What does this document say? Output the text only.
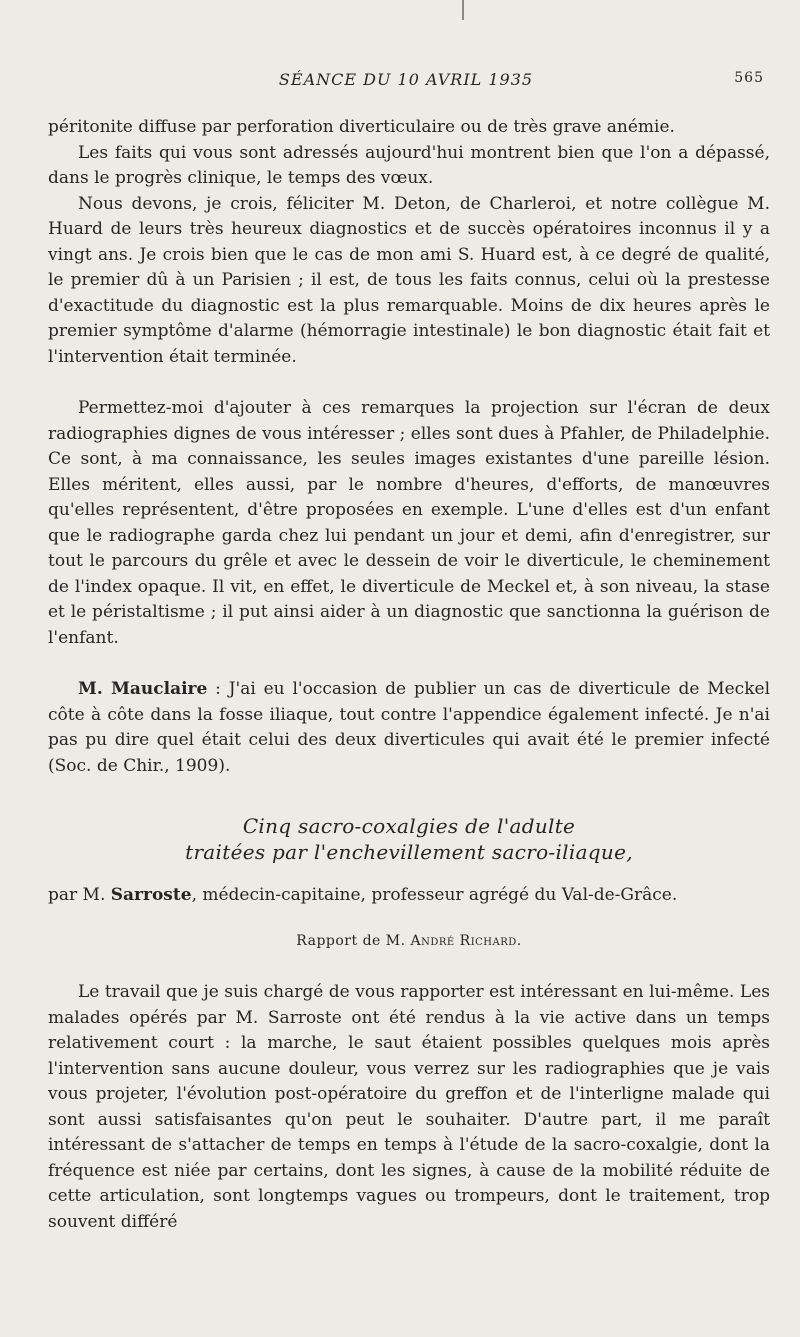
SÉANCE DU 10 AVRIL 1935	565

péritonite diffuse par perforation diverticulaire ou de très grave anémie.

Les faits qui vous sont adressés aujourd'hui montrent bien que l'on a dépassé, dans le progrès clinique, le temps des vœux.

Nous devons, je crois, féliciter M. Deton, de Charleroi, et notre collègue M. Huard de leurs très heureux diagnostics et de succès opératoires inconnus il y a vingt ans. Je crois bien que le cas de mon ami S. Huard est, à ce degré de qualité, le premier dû à un Parisien ; il est, de tous les faits connus, celui où la prestesse d'exactitude du diagnostic est la plus remarquable. Moins de dix heures après le premier symptôme d'alarme (hémorragie intestinale) le bon diagnostic était fait et l'intervention était terminée.

Permettez-moi d'ajouter à ces remarques la projection sur l'écran de deux radiographies dignes de vous intéresser ; elles sont dues à Pfahler, de Philadelphie. Ce sont, à ma connaissance, les seules images existantes d'une pareille lésion. Elles méritent, elles aussi, par le nombre d'heures, d'efforts, de manœuvres qu'elles représentent, d'être proposées en exemple. L'une d'elles est d'un enfant que le radiographe garda chez lui pendant un jour et demi, afin d'enregistrer, sur tout le parcours du grêle et avec le dessein de voir le diverticule, le cheminement de l'index opaque. Il vit, en effet, le diverticule de Meckel et, à son niveau, la stase et le péristaltisme ; il put ainsi aider à un diagnostic que sanctionna la guérison de l'enfant.

M. Mauclaire : J'ai eu l'occasion de publier un cas de diverticule de Meckel côte à côte dans la fosse iliaque, tout contre l'appendice également infecté. Je n'ai pas pu dire quel était celui des deux diverticules qui avait été le premier infecté (Soc. de Chir., 1909).

Cinq sacro-coxalgies de l'adulte
traitées par l'enchevillement sacro-iliaque,

par M. Sarroste, médecin-capitaine, professeur agrégé du Val-de-Grâce.

Rapport de M. André Richard.

Le travail que je suis chargé de vous rapporter est intéressant en lui-même. Les malades opérés par M. Sarroste ont été rendus à la vie active dans un temps relativement court : la marche, le saut étaient possibles quelques mois après l'intervention sans aucune douleur, vous verrez sur les radiographies que je vais vous projeter, l'évolution post-opératoire du greffon et de l'interligne malade qui sont aussi satisfaisantes qu'on peut le souhaiter. D'autre part, il me paraît intéressant de s'attacher de temps en temps à l'étude de la sacro-coxalgie, dont la fréquence est niée par certains, dont les signes, à cause de la mobilité réduite de cette articulation, sont longtemps vagues ou trompeurs, dont le traitement, trop souvent différé
